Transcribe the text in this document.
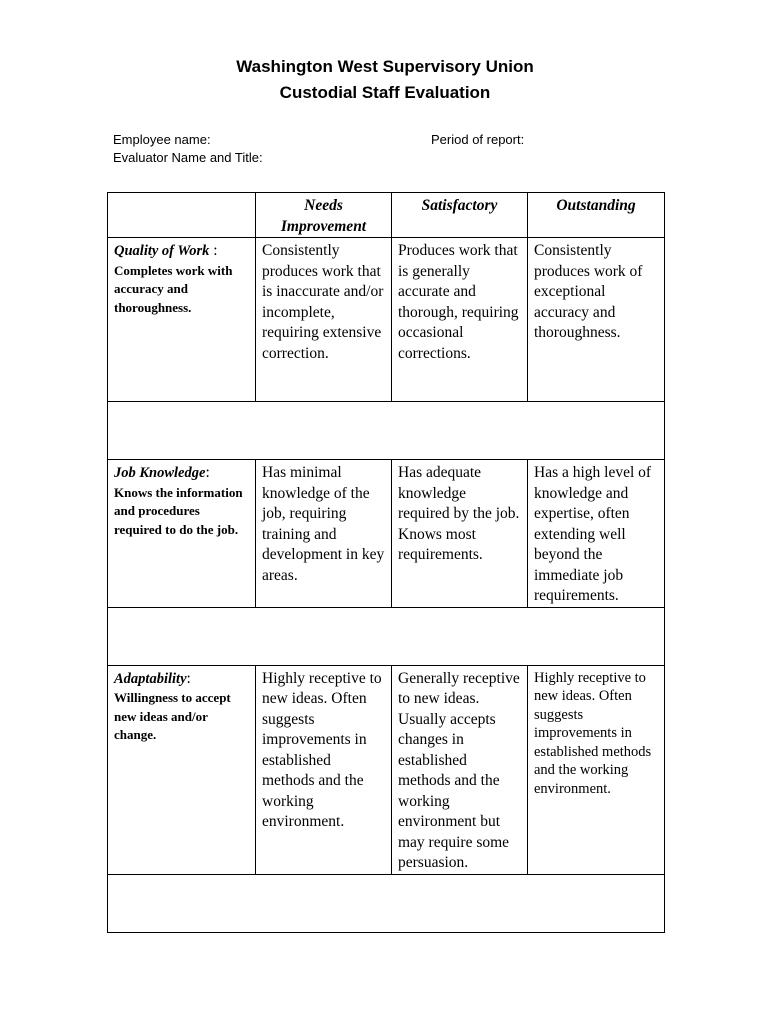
Washington West Supervisory Union
Custodial Staff Evaluation
Employee name:	Period of report:
Evaluator Name and Title:
	Needs Improvement	Satisfactory	Outstanding
Quality of Work :
Completes work with accuracy and thoroughness.	Consistently produces work that is inaccurate and/or incomplete, requiring extensive correction.	Produces work that is generally accurate and thorough, requiring occasional corrections.	Consistently produces work of exceptional accuracy and thoroughness.

Job Knowledge:
Knows the information and procedures required to do the job.	Has minimal knowledge of the job, requiring training and development in key areas.	Has adequate knowledge required by the job. Knows most requirements.	Has a high level of knowledge and expertise, often extending well beyond the immediate job requirements.

Adaptability:
Willingness to accept new ideas and/or change.	Highly receptive to new ideas. Often suggests improvements in established methods and the working environment.	Generally receptive to new ideas. Usually accepts changes in established methods and the working environment but may require some persuasion.	Highly receptive to new ideas. Often suggests improvements in established methods and the working environment.
